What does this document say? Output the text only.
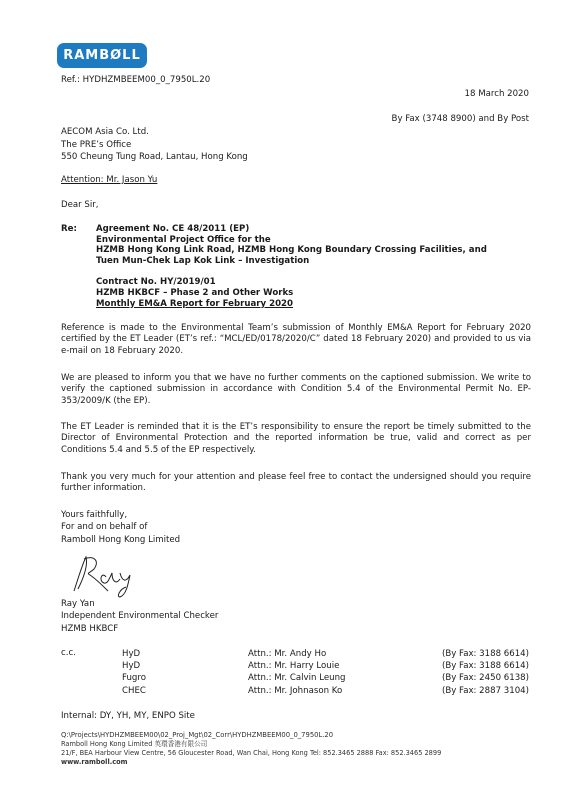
RAMBØLL
Ref.: HYDHZMBEEM00_0_7950L.20
18 March 2020
By Fax (3748 8900) and By Post
AECOM Asia Co. Ltd.
The PRE’s Office
550 Cheung Tung Road, Lantau, Hong Kong
Attention: Mr. Jason Yu
Dear Sir,
Re: Agreement No. CE 48/2011 (EP)
Environmental Project Office for the
HZMB Hong Kong Link Road, HZMB Hong Kong Boundary Crossing Facilities, and
Tuen Mun-Chek Lap Kok Link – Investigation
Contract No. HY/2019/01
HZMB HKBCF – Phase 2 and Other Works
Monthly EM&A Report for February 2020
Reference is made to the Environmental Team’s submission of Monthly EM&A Report for February 2020 certified by the ET Leader (ET’s ref.: “MCL/ED/0178/2020/C” dated 18 February 2020) and provided to us via e-mail on 18 February 2020.
We are pleased to inform you that we have no further comments on the captioned submission. We write to verify the captioned submission in accordance with Condition 5.4 of the Environmental Permit No. EP-353/2009/K (the EP).
The ET Leader is reminded that it is the ET’s responsibility to ensure the report be timely submitted to the Director of Environmental Protection and the reported information be true, valid and correct as per Conditions 5.4 and 5.5 of the EP respectively.
Thank you very much for your attention and please feel free to contact the undersigned should you require further information.
Yours faithfully,
For and on behalf of
Ramboll Hong Kong Limited
Ray Yan
Independent Environmental Checker
HZMB HKBCF
c.c.	HyD
HyD
Fugro
CHEC
Attn.: Mr. Andy Ho
Attn.: Mr. Harry Louie
Attn.: Mr. Calvin Leung
Attn.: Mr. Johnason Ko
(By Fax: 3188 6614)
(By Fax: 3188 6614)
(By Fax: 2450 6138)
(By Fax: 2887 3104)
Internal: DY, YH, MY, ENPO Site
Q:\Projects\HYDHZMBEEM00\02_Proj_Mgt\02_Corr\HYDHZMBEEM00_0_7950L.20
Ramboll Hong Kong Limited 英環香港有限公司
21/F, BEA Harbour View Centre, 56 Gloucester Road, Wan Chai, Hong Kong Tel: 852.3465 2888 Fax: 852.3465 2899
www.ramboll.com
